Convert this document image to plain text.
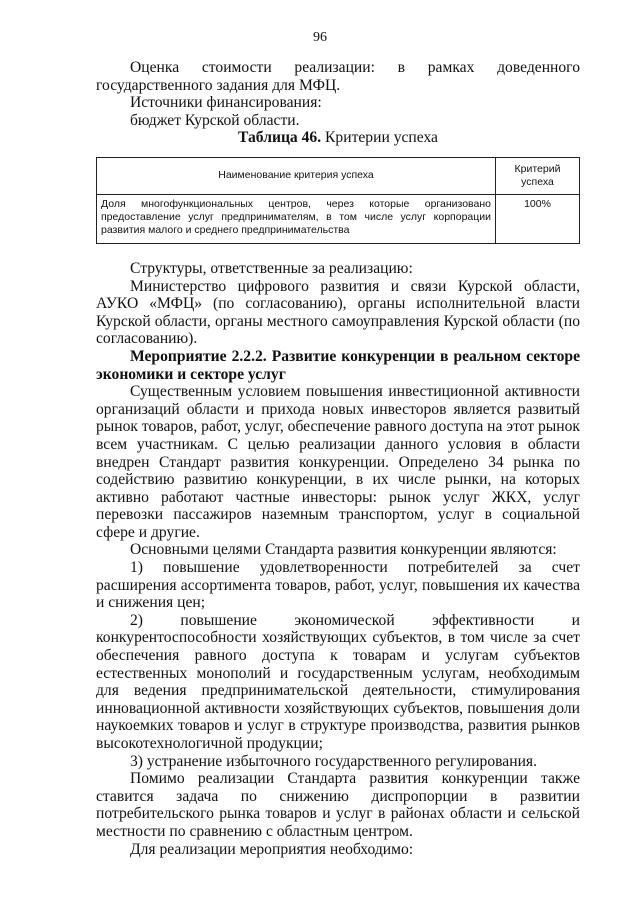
96

Оценка стоимости реализации: в рамках доведенного государственного задания для МФЦ.

Источники финансирования:

бюджет Курской области.

Таблица 46. Критерии успеха
Наименование критерия успеха	Критерий успеха
Доля многофункциональных центров, через которые организовано предоставление услуг предпринимателям, в том числе услуг корпорации развития малого и среднего предпринимательства	100%

Структуры, ответственные за реализацию:

Министерство цифрового развития и связи Курской области, АУКО «МФЦ» (по согласованию), органы исполнительной власти Курской области, органы местного самоуправления Курской области (по согласованию).

Мероприятие 2.2.2. Развитие конкуренции в реальном секторе экономики и секторе услуг

Существенным условием повышения инвестиционной активности организаций области и прихода новых инвесторов является развитый рынок товаров, работ, услуг, обеспечение равного доступа на этот рынок всем участникам. С целью реализации данного условия в области внедрен Стандарт развития конкуренции. Определено 34 рынка по содействию развитию конкуренции, в их числе рынки, на которых активно работают частные инвесторы: рынок услуг ЖКХ, услуг перевозки пассажиров наземным транспортом, услуг в социальной сфере и другие.

Основными целями Стандарта развития конкуренции являются:

1) повышение удовлетворенности потребителей за счет расширения ассортимента товаров, работ, услуг, повышения их качества и снижения цен;

2) повышение экономической эффективности и конкурентоспособности хозяйствующих субъектов, в том числе за счет обеспечения равного доступа к товарам и услугам субъектов естественных монополий и государственным услугам, необходимым для ведения предпринимательской деятельности, стимулирования инновационной активности хозяйствующих субъектов, повышения доли наукоемких товаров и услуг в структуре производства, развития рынков высокотехнологичной продукции;

3) устранение избыточного государственного регулирования.

Помимо реализации Стандарта развития конкуренции также ставится задача по снижению диспропорции в развитии потребительского рынка товаров и услуг в районах области и сельской местности по сравнению с областным центром.

Для реализации мероприятия необходимо:
